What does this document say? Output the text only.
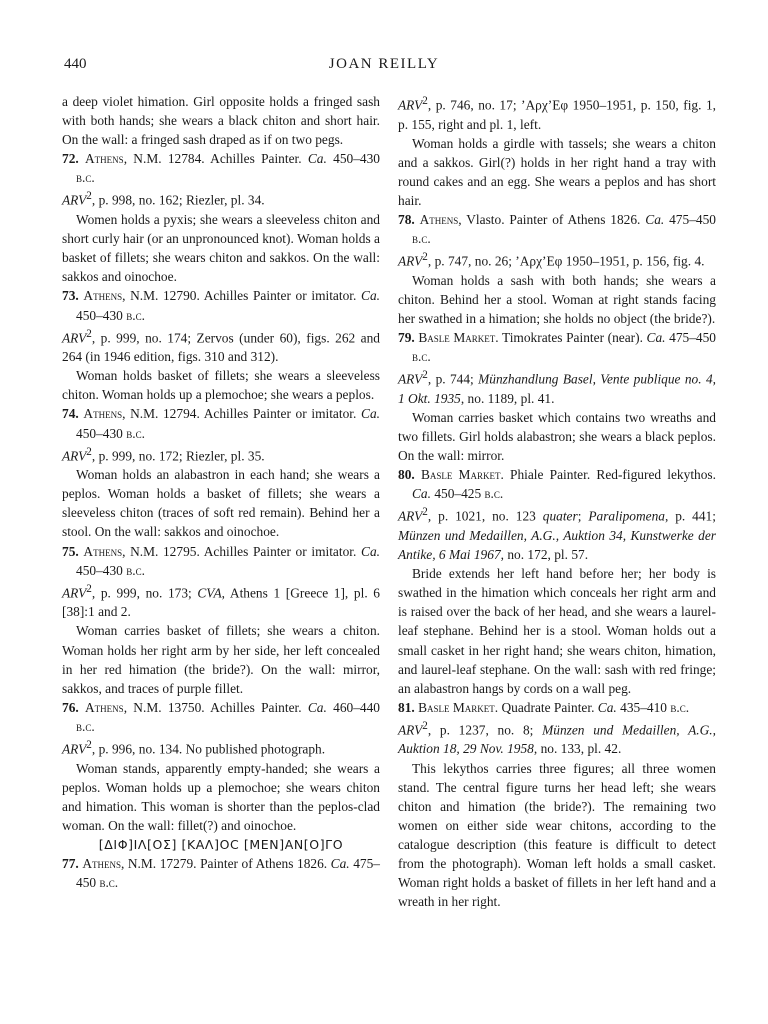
440	JOAN REILLY

a deep violet himation. Girl opposite holds a fringed sash with both hands; she wears a black chiton and short hair. On the wall: a fringed sash draped as if on two pegs.

72. Athens, N.M. 12784. Achilles Painter. Ca. 450–430 b.c.

ARV$^2$, p. 998, no. 162; Riezler, pl. 34.

Women holds a pyxis; she wears a sleeveless chiton and short curly hair (or an unpronounced knot). Woman holds a basket of fillets; she wears chiton and sakkos. On the wall: sakkos and oinochoe.

73. Athens, N.M. 12790. Achilles Painter or imitator. Ca. 450–430 b.c.

ARV$^2$, p. 999, no. 174; Zervos (under 60), figs. 262 and 264 (in 1946 edition, figs. 310 and 312).

Woman holds basket of fillets; she wears a sleeveless chiton. Woman holds up a plemochoe; she wears a peplos.

74. Athens, N.M. 12794. Achilles Painter or imitator. Ca. 450–430 b.c.

ARV$^2$, p. 999, no. 172; Riezler, pl. 35.

Woman holds an alabastron in each hand; she wears a peplos. Woman holds a basket of fillets; she wears a sleeveless chiton (traces of soft red remain). Behind her a stool. On the wall: sakkos and oinochoe.

75. Athens, N.M. 12795. Achilles Painter or imitator. Ca. 450–430 b.c.

ARV$^2$, p. 999, no. 173; CVA, Athens 1 [Greece 1], pl. 6 [38]:1 and 2.

Woman carries basket of fillets; she wears a chiton. Woman holds her right arm by her side, her left concealed in her red himation (the bride?). On the wall: mirror, sakkos, and traces of purple fillet.

76. Athens, N.M. 13750. Achilles Painter. Ca. 460–440 b.c.

ARV$^2$, p. 996, no. 134. No published photograph.

Woman stands, apparently empty-handed; she wears a peplos. Woman holds up a plemochoe; she wears chiton and himation. This woman is shorter than the peplos-clad woman. On the wall: fillet(?) and oinochoe.

[ΔΙΦ]ΙΛ[ΟΣ] [ΚΑΛ]ΟC [ΜΕΝ]ΑΝ[Ο]ΓΟ

77. Athens, N.M. 17279. Painter of Athens 1826. Ca. 475–450 b.c.

ARV$^2$, p. 746, no. 17; ’Αρχ’Εφ 1950–1951, p. 150, fig. 1, p. 155, right and pl. 1, left.

Woman holds a girdle with tassels; she wears a chiton and a sakkos. Girl(?) holds in her right hand a tray with round cakes and an egg. She wears a peplos and has short hair.

78. Athens, Vlasto. Painter of Athens 1826. Ca. 475–450 b.c.

ARV$^2$, p. 747, no. 26; ’Αρχ’Εφ 1950–1951, p. 156, fig. 4.

Woman holds a sash with both hands; she wears a chiton. Behind her a stool. Woman at right stands facing her swathed in a himation; she holds no object (the bride?).

79. Basle Market. Timokrates Painter (near). Ca. 475–450 b.c.

ARV$^2$, p. 744; Münzhandlung Basel, Vente publique no. 4, 1 Okt. 1935, no. 1189, pl. 41.

Woman carries basket which contains two wreaths and two fillets. Girl holds alabastron; she wears a black peplos. On the wall: mirror.

80. Basle Market. Phiale Painter. Red-figured lekythos. Ca. 450–425 b.c.

ARV$^2$, p. 1021, no. 123 quater; Paralipomena, p. 441; Münzen und Medaillen, A.G., Auktion 34, Kunstwerke der Antike, 6 Mai 1967, no. 172, pl. 57.

Bride extends her left hand before her; her body is swathed in the himation which conceals her right arm and is raised over the back of her head, and she wears a laurel-leaf stephane. Behind her is a stool. Woman holds out a small casket in her right hand; she wears chiton, himation, and laurel-leaf stephane. On the wall: sash with red fringe; an alabastron hangs by cords on a wall peg.

81. Basle Market. Quadrate Painter. Ca. 435–410 b.c.

ARV$^2$, p. 1237, no. 8; Münzen und Medaillen, A.G., Auktion 18, 29 Nov. 1958, no. 133, pl. 42.

This lekythos carries three figures; all three women stand. The central figure turns her head left; she wears chiton and himation (the bride?). The remaining two women on either side wear chitons, according to the catalogue description (this feature is difficult to detect from the photograph). Woman left holds a small casket. Woman right holds a basket of fillets in her left hand and a wreath in her right.
